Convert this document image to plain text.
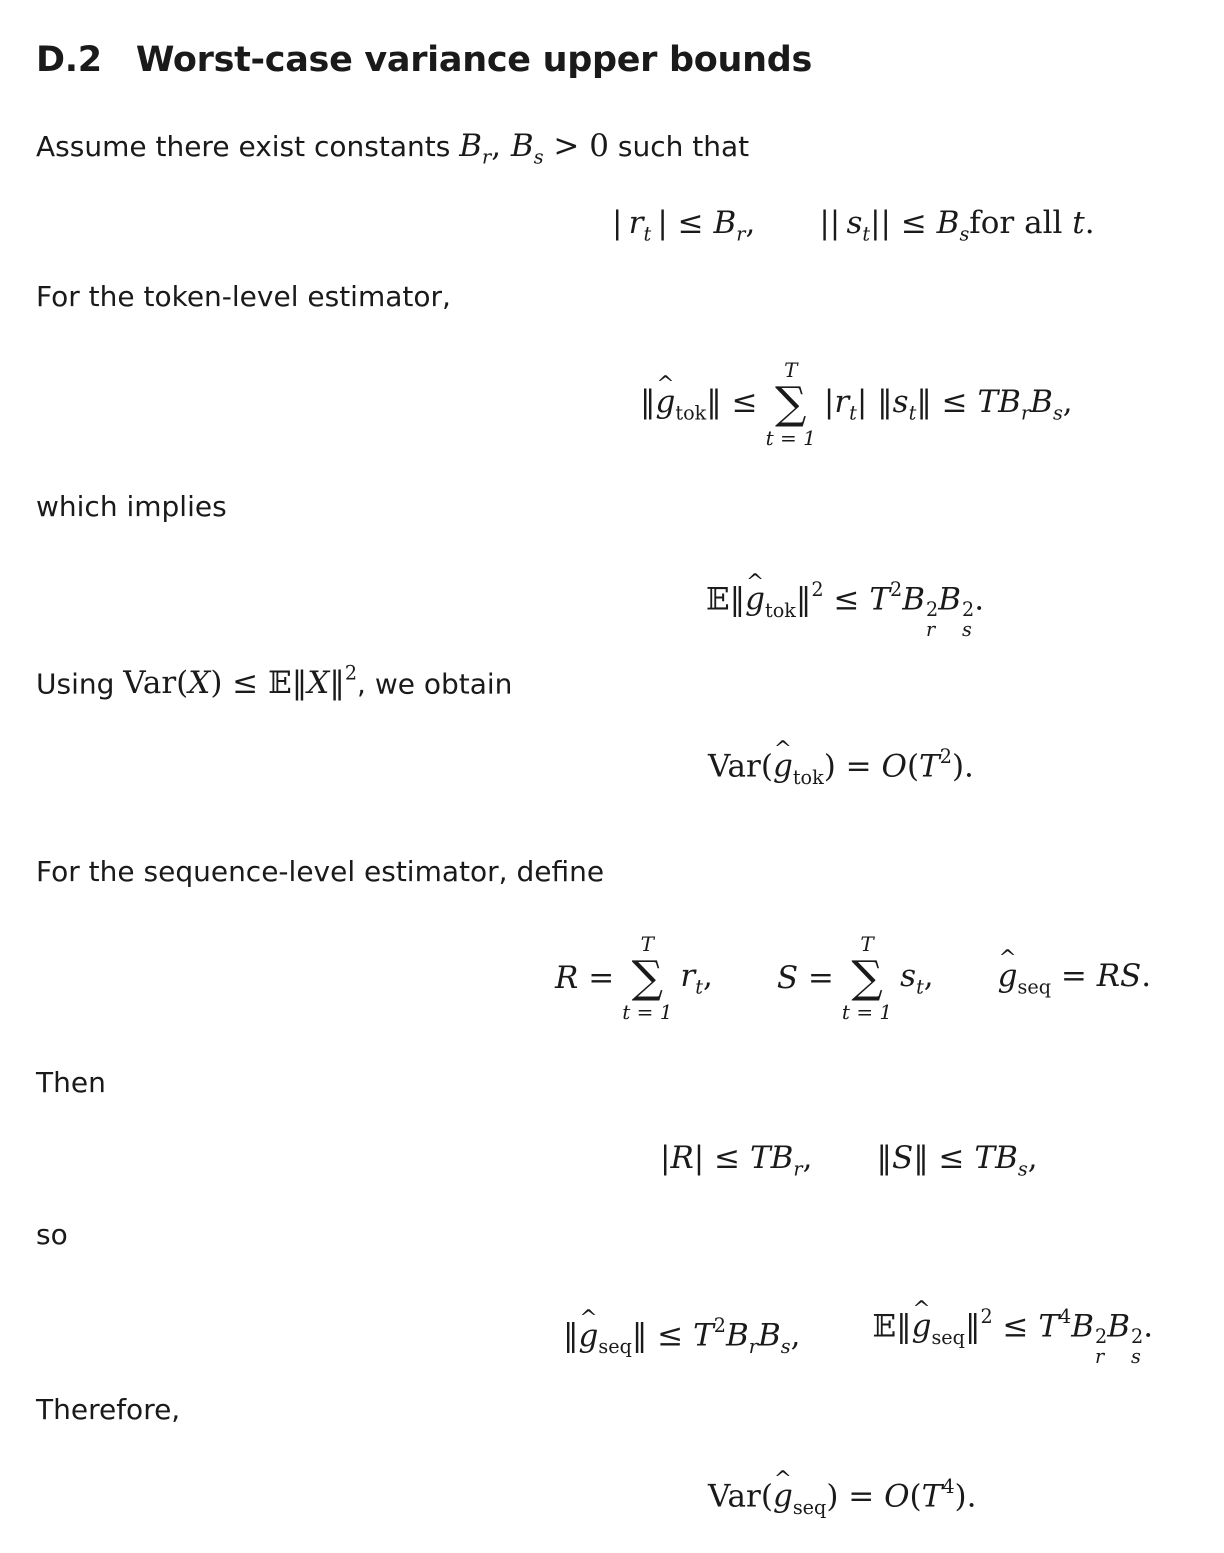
D.2 Worst-case variance upper bounds
Assume there exist constants $B_r$, $B_s > 0$ such that
| $r_t$ | ≤ $B_r$, || $s_t|| \le B_sfor$ all t.
For the token-level estimator,
‖^ $g_{tok}‖$ ≤
T
∑
t = 1
$|r_t|$ $‖s_t‖ \le TB_rB_s$,
which implies
𝔼‖^ $g_{tok}‖^2 \le T^2B$ 2
r
B 2
s
.
Using Var(X) ≤ 𝔼‖X‖$^2$, we obtain
Var(^ $g_{tok}) = O(T^2)$.
For the sequence-level estimator, define
R =
T
∑
t = 1
$r_t$, S =
T
∑
t = 1
$s_t$,
^ $g_{seq}$ = RS.
Then
$|R| \le TB_r$, ‖S‖ ≤ $TB_s$,
so
‖^ $g_{seq}‖ \le T^2B_rB_s$, 𝔼‖^ $g_{seq}‖^2 \le T^4B$ 2
r
B 2
s
.
Therefore,
Var(^ $g_{seq}) = O(T^4)$.
